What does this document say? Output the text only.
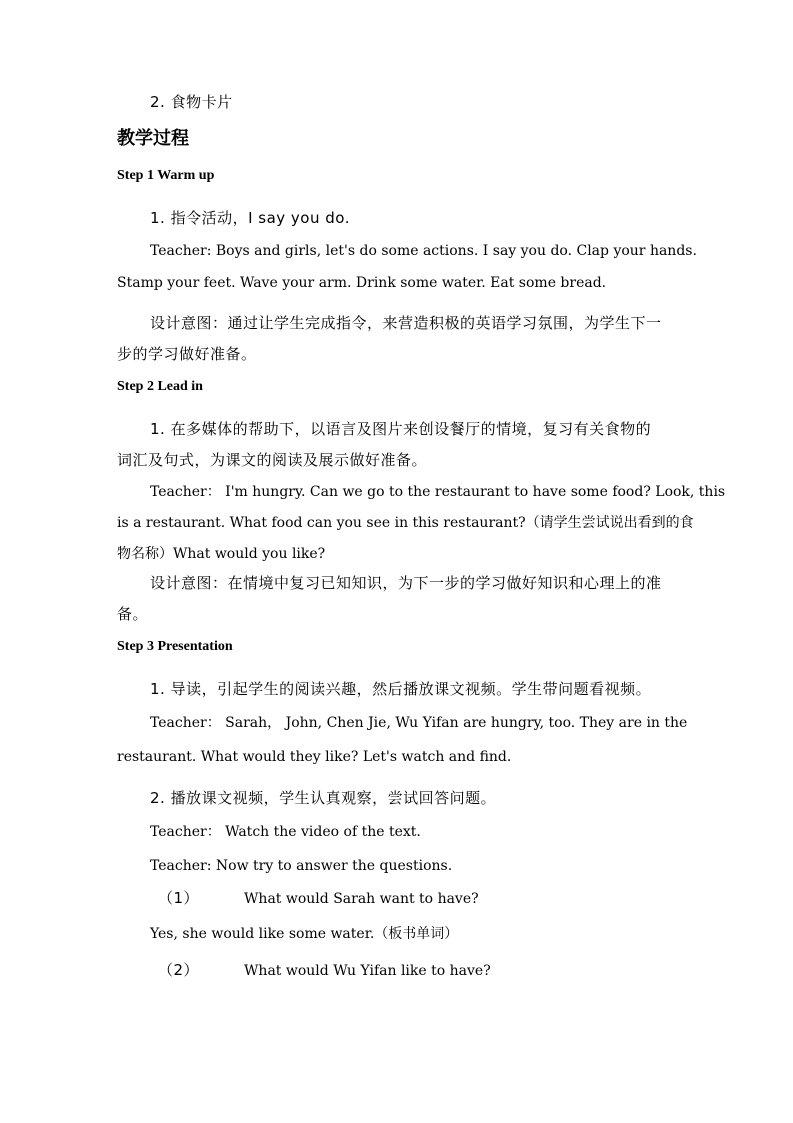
2. 食物卡片
教学过程
Step 1 Warm up
1. 指令活动，I say you do.
Teacher: Boys and girls, let's do some actions. I say you do. Clap your hands.
Stamp your feet. Wave your arm. Drink some water. Eat some bread.
设计意图：通过让学生完成指令，来营造积极的英语学习氛围，为学生下一
步的学习做好准备。
Step 2 Lead in
1. 在多媒体的帮助下，以语言及图片来创设餐厅的情境，复习有关食物的
词汇及句式，为课文的阅读及展示做好准备。
Teacher： I'm hungry. Can we go to the restaurant to have some food? Look, this
is a restaurant. What food can you see in this restaurant?（请学生尝试说出看到的食
物名称）What would you like?
设计意图：在情境中复习已知知识，为下一步的学习做好知识和心理上的准
备。
Step 3 Presentation
1. 导读，引起学生的阅读兴趣，然后播放课文视频。学生带问题看视频。
Teacher： Sarah， John, Chen Jie, Wu Yifan are hungry, too. They are in the
restaurant. What would they like? Let's watch and find.
2. 播放课文视频，学生认真观察，尝试回答问题。
Teacher： Watch the video of the text.
Teacher: Now try to answer the questions.
（1）	What would Sarah want to have?
Yes, she would like some water.（板书单词）
（2）	What would Wu Yifan like to have?
